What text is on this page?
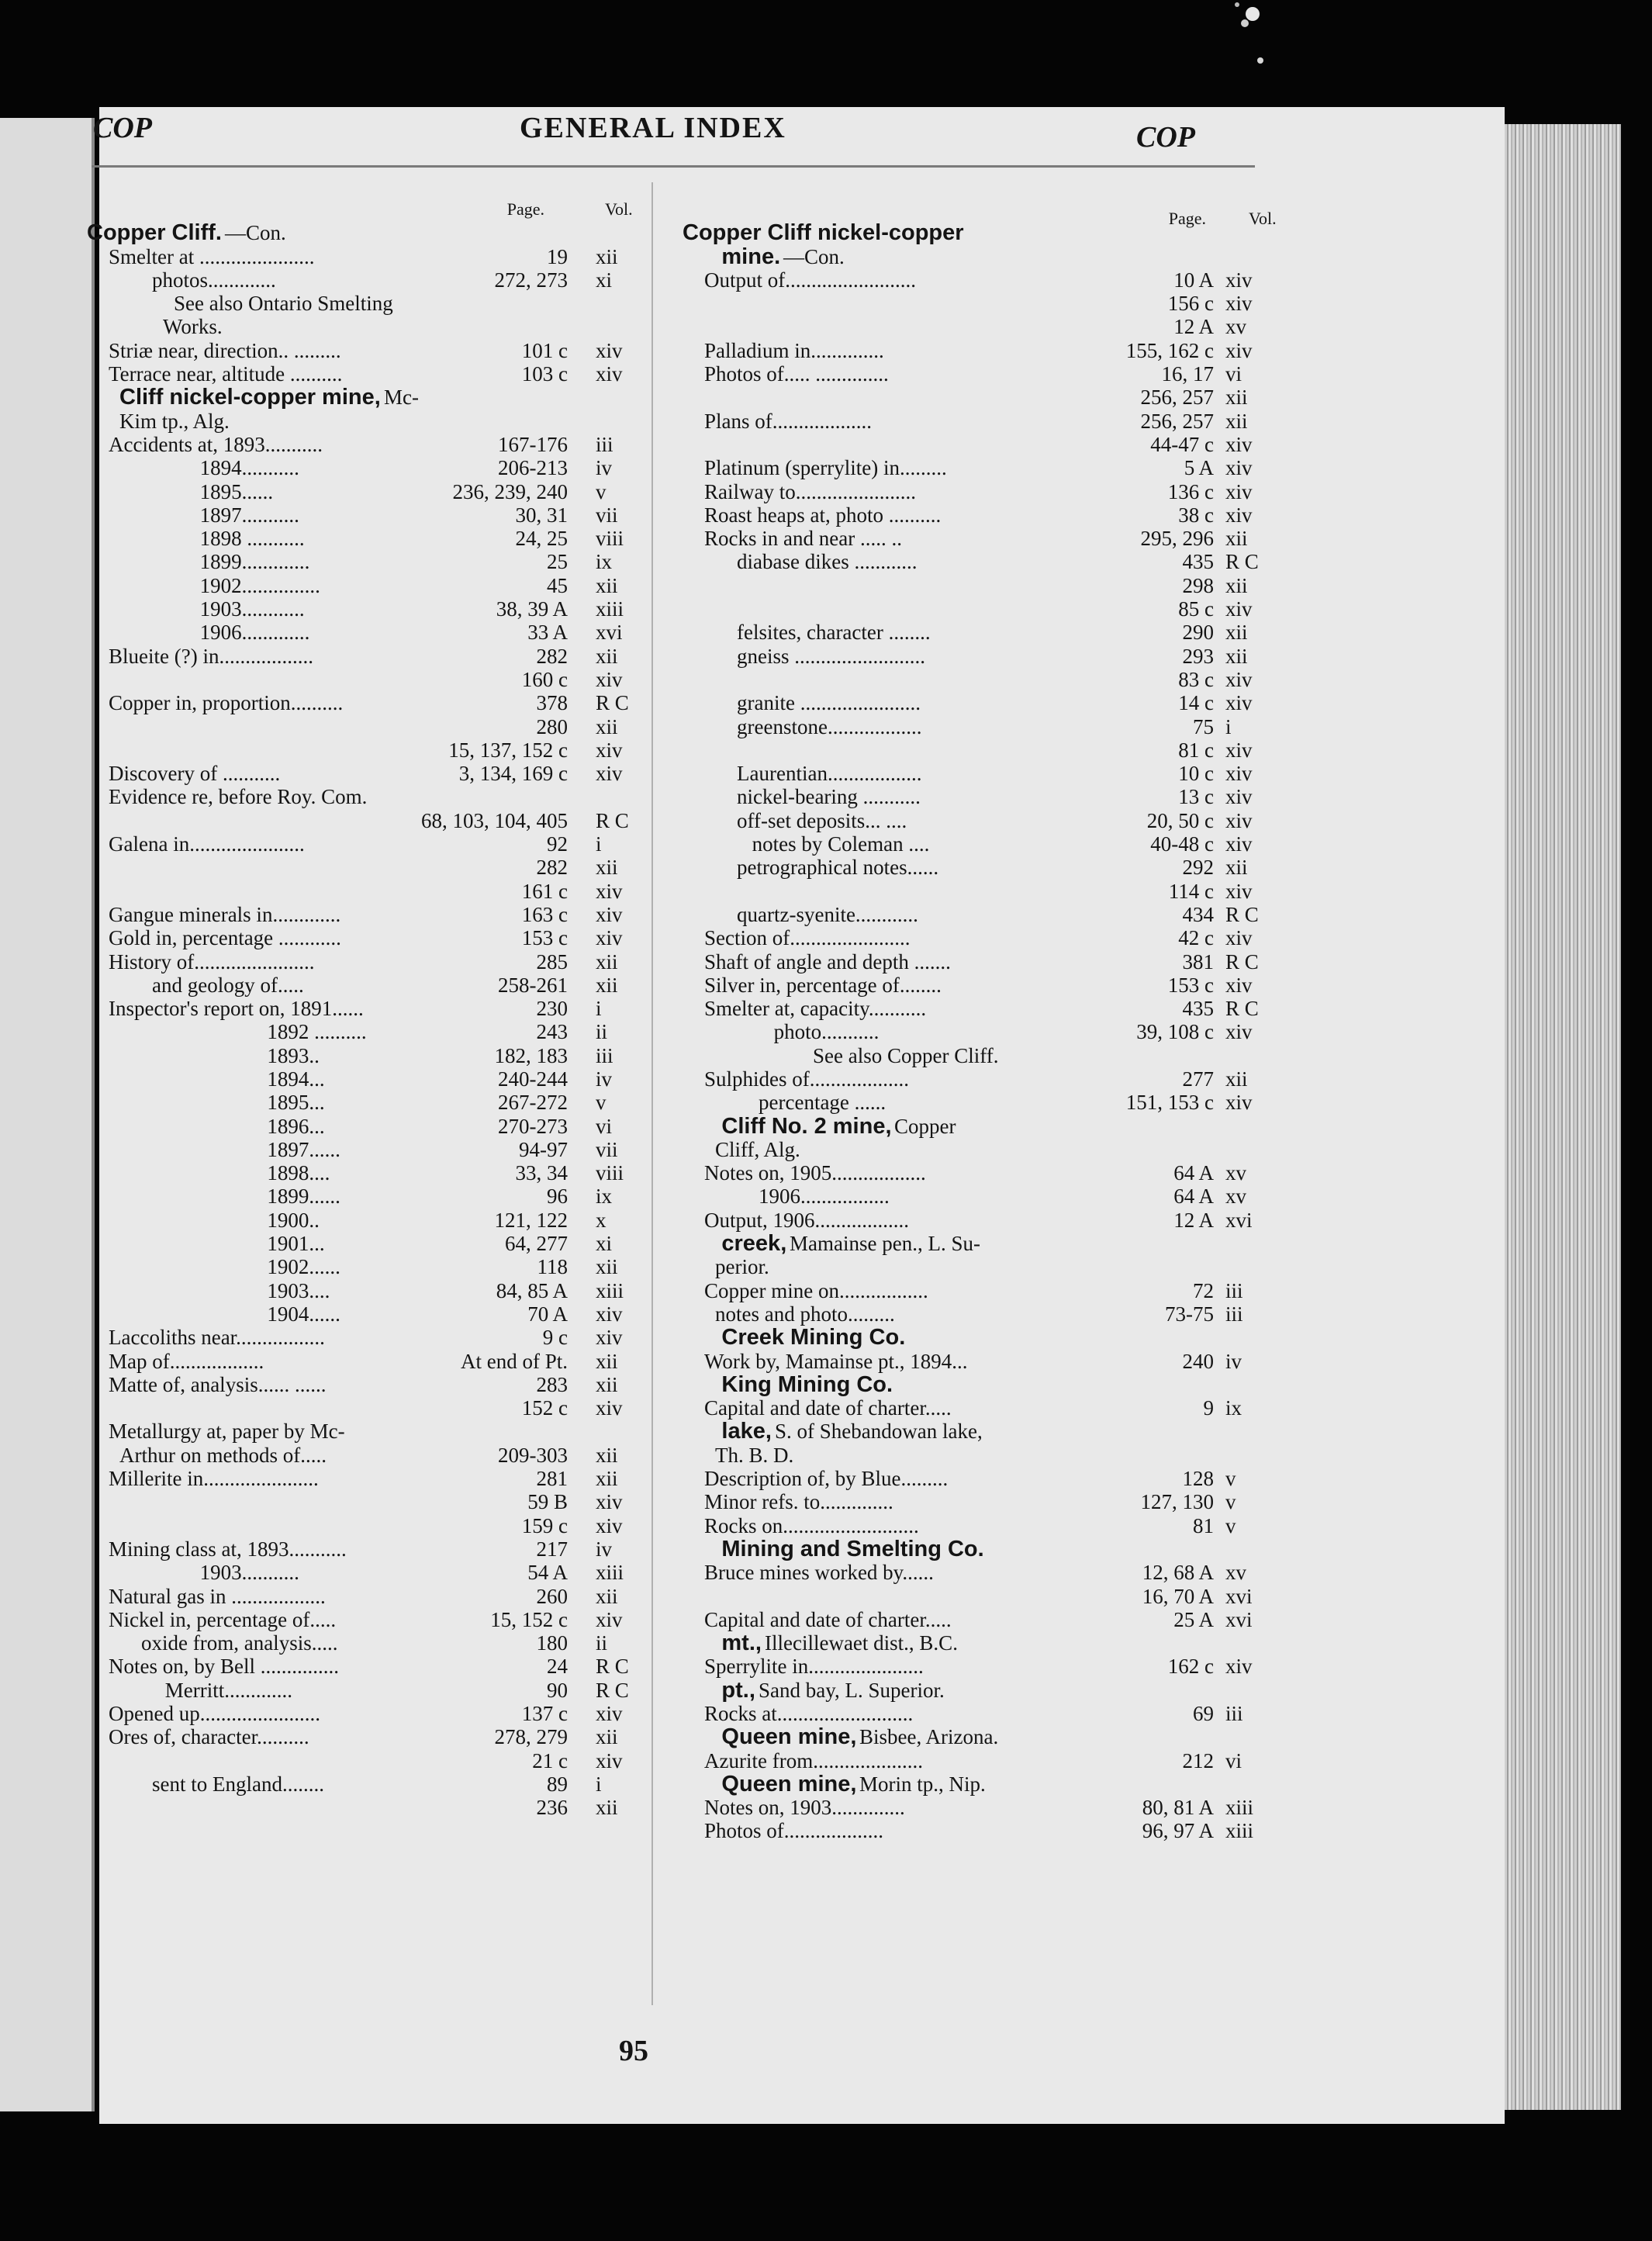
COP	GENERAL INDEX	COP
Page.	Vol.
Copper Cliff. —Con.
Smelter at ......................	19 xii
photos.............	272, 273 xi
See also Ontario Smelting
Works.
Striæ near, direction.. .........	101 c xiv
Terrace near, altitude ..........	103 c xiv
Cliff nickel-copper mine, Mc-
Kim tp., Alg.
Accidents at, 1893...........	167-176 iii
1894...........	206-213 iv
1895......	236, 239, 240 v
1897...........	30, 31 vii
1898 ...........	24, 25 viii
1899.............	25 ix
1902...............	45 xii
1903............	38, 39 A xiii
1906.............	33 A xvi
Blueite (?) in..................	282 xii
160 c xiv
Copper in, proportion..........	378 R C
280 xii
15, 137, 152 c xiv
Discovery of ...........	3, 134, 169 c xiv
Evidence re, before Roy. Com.
68, 103, 104, 405 R C
Galena in......................	92 i
282 xii
161 c xiv
Gangue minerals in.............	163 c xiv
Gold in, percentage ............	153 c xiv
History of.......................	285 xii
and geology of.....	258-261 xii
Inspector's report on, 1891......	230 i
1892 ..........	243 ii
1893..	182, 183 iii
1894...	240-244 iv
1895...	267-272 v
1896...	270-273 vi
1897......	94-97 vii
1898....	33, 34 viii
1899......	96 ix
1900..	121, 122 x
1901...	64, 277 xi
1902......	118 xii
1903....	84, 85 A xiii
1904......	70 A xiv
Laccoliths near.................	9 c xiv
Map of..................	At end of Pt. xii
Matte of, analysis...... ......	283 xii
152 c xiv
Metallurgy at, paper by Mc-
Arthur on methods of.....	209-303 xii
Millerite in......................	281 xii
59 B xiv
159 c xiv
Mining class at, 1893...........	217 iv
1903...........	54 A xiii
Natural gas in ..................	260 xii
Nickel in, percentage of.....	15, 152 c xiv
oxide from, analysis.....	180 ii
Notes on, by Bell ...............	24 R C
Merritt.............	90 R C
Opened up.......................	137 c xiv
Ores of, character..........	278, 279 xii
21 c xiv
sent to England........	89 i
236 xii
Page.	Vol.
Copper Cliff nickel-copper
mine. —Con.
Output of.........................	10 A xiv
156 c xiv
12 A xv
Palladium in..............	155, 162 c xiv
Photos of..... ..............	16, 17 vi
256, 257 xii
Plans of...................	256, 257 xii
44-47 c xiv
Platinum (sperrylite) in.........	5 A xiv
Railway to.......................	136 c xiv
Roast heaps at, photo ..........	38 c xiv
Rocks in and near ..... ..	295, 296 xii
diabase dikes ............	435 R C
298 xii
85 c xiv
felsites, character ........	290 xii
gneiss .........................	293 xii
83 c xiv
granite .......................	14 c xiv
greenstone..................	75 i
81 c xiv
Laurentian..................	10 c xiv
nickel-bearing ...........	13 c xiv
off-set deposits... ....	20, 50 c xiv
notes by Coleman ....	40-48 c xiv
petrographical notes......	292 xii
114 c xiv
quartz-syenite............	434 R C
Section of.......................	42 c xiv
Shaft of angle and depth .......	381 R C
Silver in, percentage of........	153 c xiv
Smelter at, capacity...........	435 R C
photo...........	39, 108 c xiv
See also Copper Cliff.
Sulphides of...................	277 xii
percentage ......	151, 153 c xiv
Cliff No. 2 mine, Copper
Cliff, Alg.
Notes on, 1905..................	64 A xv
1906.................	64 A xv
Output, 1906..................	12 A xvi
creek, Mamainse pen., L. Su-
perior.
Copper mine on.................	72 iii
notes and photo.........	73-75 iii
Creek Mining Co.
Work by, Mamainse pt., 1894...	240 iv
King Mining Co.
Capital and date of charter.....	9 ix
lake, S. of Shebandowan lake,
Th. B. D.
Description of, by Blue.........	128 v
Minor refs. to..............	127, 130 v
Rocks on..........................	81 v
Mining and Smelting Co.
Bruce mines worked by......	12, 68 A xv
16, 70 A xvi
Capital and date of charter.....	25 A xvi
mt., Illecillewaet dist., B.C.
Sperrylite in......................	162 c xiv
pt., Sand bay, L. Superior.
Rocks at..........................	69 iii
Queen mine, Bisbee, Arizona.
Azurite from.....................	212 vi
Queen mine, Morin tp., Nip.
Notes on, 1903..............	80, 81 A xiii
Photos of...................	96, 97 A xiii
95
